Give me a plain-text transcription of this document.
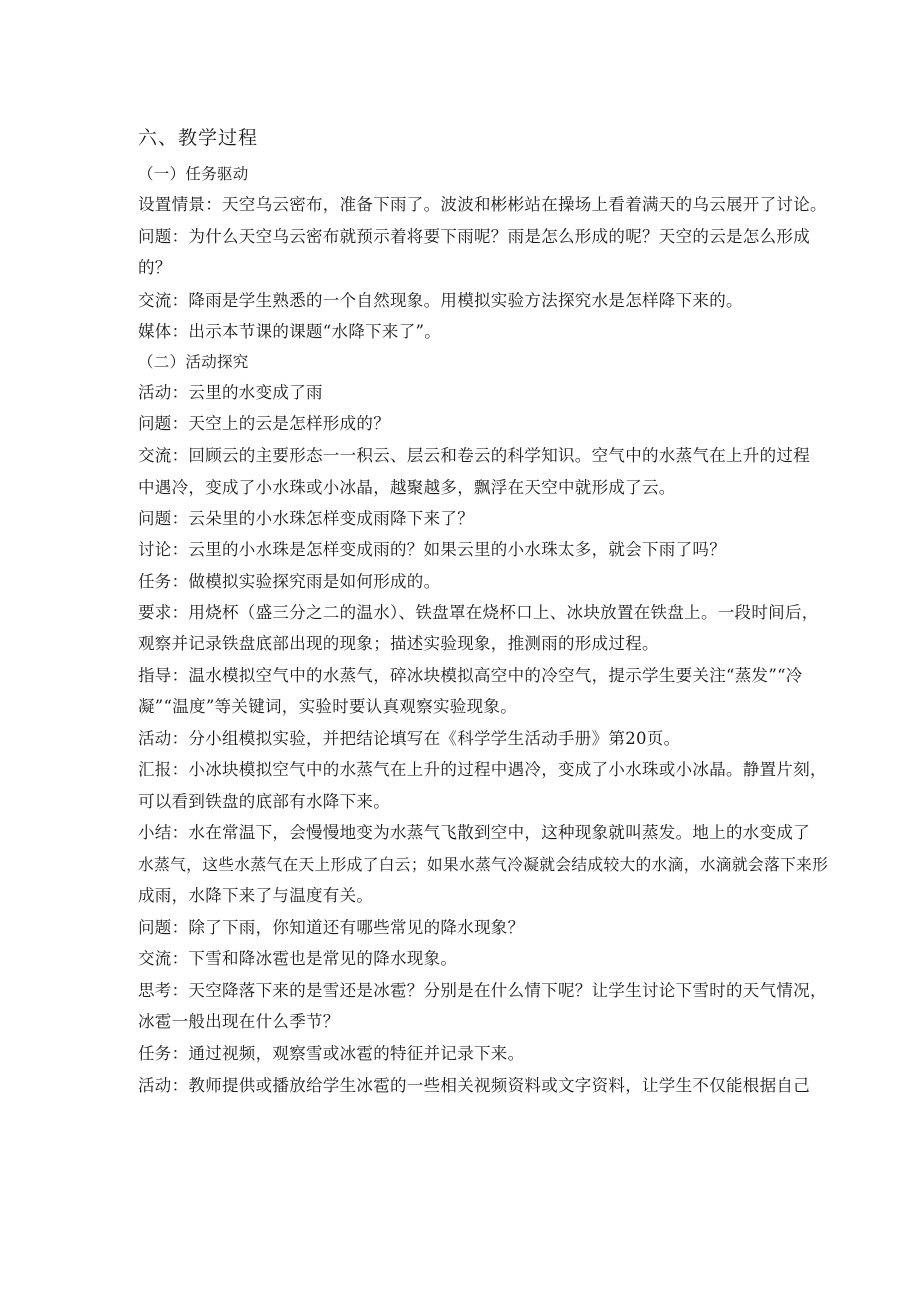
六、教学过程
（一）任务驱动
设置情景：天空乌云密布，准备下雨了。波波和彬彬站在操场上看着满天的乌云展开了讨论。
问题：为什么天空乌云密布就预示着将要下雨呢？雨是怎么形成的呢？天空的云是怎么形成
的？
交流：降雨是学生熟悉的一个自然现象。用模拟实验方法探究水是怎样降下来的。
媒体：出示本节课的课题“水降下来了”。
（二）活动探究
活动：云里的水变成了雨
问题：天空上的云是怎样形成的？
交流：回顾云的主要形态一一积云、层云和卷云的科学知识。空气中的水蒸气在上升的过程
中遇冷，变成了小水珠或小冰晶，越聚越多，飘浮在天空中就形成了云。
问题：云朵里的小水珠怎样变成雨降下来了？
讨论：云里的小水珠是怎样变成雨的？如果云里的小水珠太多，就会下雨了吗？
任务：做模拟实验探究雨是如何形成的。
要求：用烧杯（盛三分之二的温水）、铁盘罩在烧杯口上、冰块放置在铁盘上。一段时间后，
观察并记录铁盘底部出现的现象；描述实验现象，推测雨的形成过程。
指导：温水模拟空气中的水蒸气，碎冰块模拟高空中的冷空气，提示学生要关注“蒸发”“冷
凝”“温度”等关键词，实验时要认真观察实验现象。
活动：分小组模拟实验，并把结论填写在《科学学生活动手册》第20页。
汇报：小冰块模拟空气中的水蒸气在上升的过程中遇冷，变成了小水珠或小冰晶。静置片刻，
可以看到铁盘的底部有水降下来。
小结：水在常温下，会慢慢地变为水蒸气飞散到空中，这种现象就叫蒸发。地上的水变成了
水蒸气，这些水蒸气在天上形成了白云；如果水蒸气冷凝就会结成较大的水滴，水滴就会落下来形
成雨，水降下来了与温度有关。
问题：除了下雨，你知道还有哪些常见的降水现象？
交流：下雪和降冰雹也是常见的降水现象。
思考：天空降落下来的是雪还是冰雹？分别是在什么情下呢？让学生讨论下雪时的天气情况，
冰雹一般出现在什么季节？
任务：通过视频，观察雪或冰雹的特征并记录下来。
活动：教师提供或播放给学生冰雹的一些相关视频资料或文字资料，让学生不仅能根据自己
